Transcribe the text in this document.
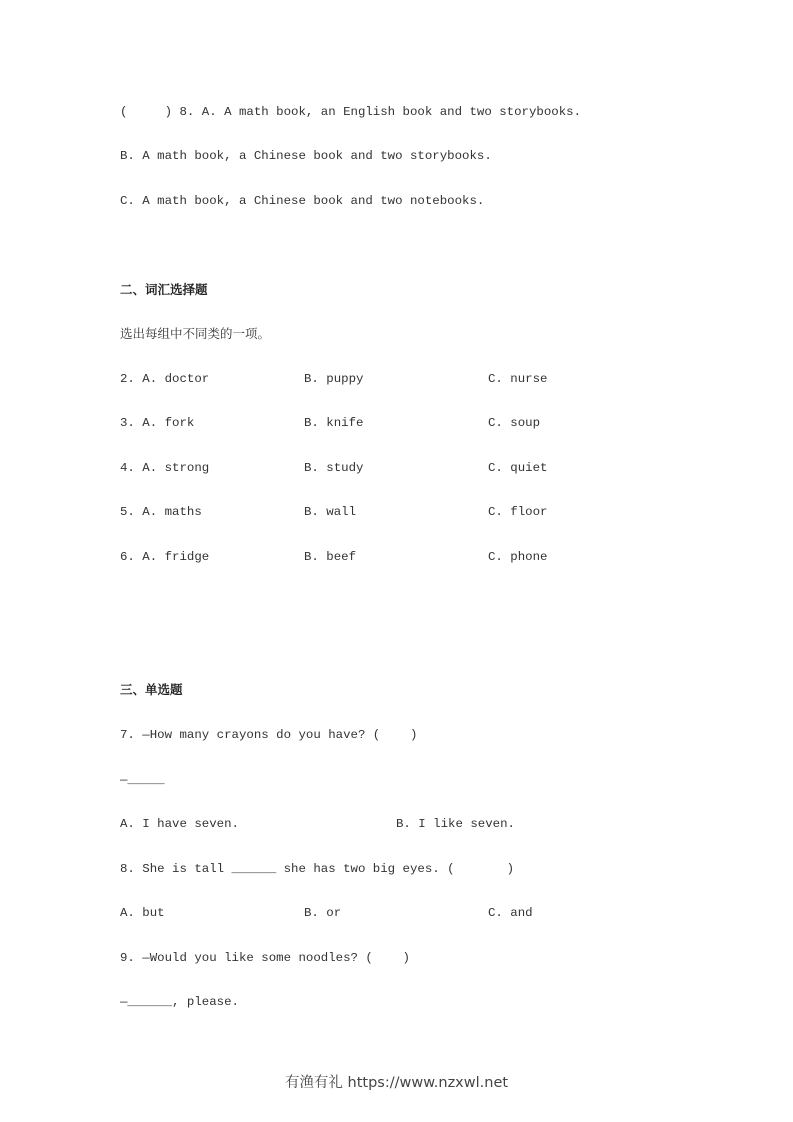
(     ) 8. A. A math book, an English book and two storybooks.
B. A math book, a Chinese book and two storybooks.
C. A math book, a Chinese book and two notebooks.
二、词汇选择题
选出每组中不同类的一项。
2. A. doctor	B. puppy	C. nurse
3. A. fork	B. knife	C. soup
4. A. strong	B. study	C. quiet
5. A. maths	B. wall	C. floor
6. A. fridge	B. beef	C. phone
三、单选题
7. —How many crayons do you have? (    )
—_____
A. I have seven.	B. I like seven.
8. She is tall ______ she has two big eyes. (       )
A. but	B. or	C. and
9. —Would you like some noodles? (    )
—______, please.
有渔有礼 https://www.nzxwl.net
